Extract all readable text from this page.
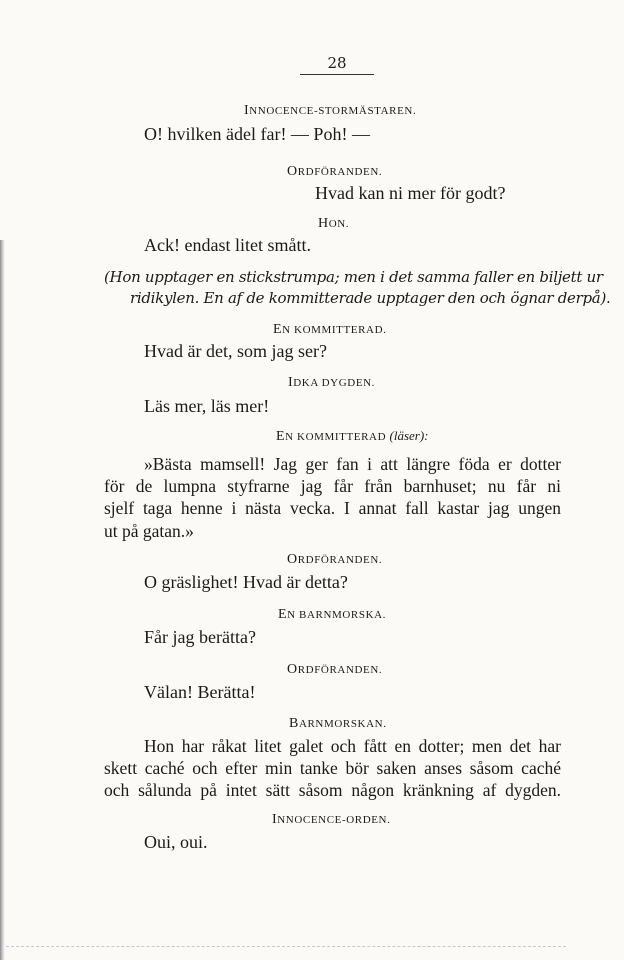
28
INNOCENCE-STORMÄSTAREN.
O! hvilken ädel far! — Poh! —
ORDFÖRANDEN.
Hvad kan ni mer för godt?
HON.
Ack! endast litet smått.
(Hon upptager en stickstrumpa; men i det samma faller en biljett ur
ridikylen. En af de kommitterade upptager den och ögnar derpå).
EN KOMMITTERAD.
Hvad är det, som jag ser?
IDKA DYGDEN.
Läs mer, läs mer!
EN KOMMITTERAD (läser):
»Bästa mamsell! Jag ger fan i att längre föda er dotter
för de lumpna styfrarne jag får från barnhuset; nu får ni
sjelf taga henne i nästa vecka. I annat fall kastar jag ungen
ut på gatan.»
ORDFÖRANDEN.
O gräslighet! Hvad är detta?
EN BARNMORSKA.
Får jag berätta?
ORDFÖRANDEN.
Välan! Berätta!
BARNMORSKAN.
Hon har råkat litet galet och fått en dotter; men det har
skett caché och efter min tanke bör saken anses såsom caché
och sålunda på intet sätt såsom någon kränkning af dygden.
INNOCENCE-ORDEN.
Oui, oui.
